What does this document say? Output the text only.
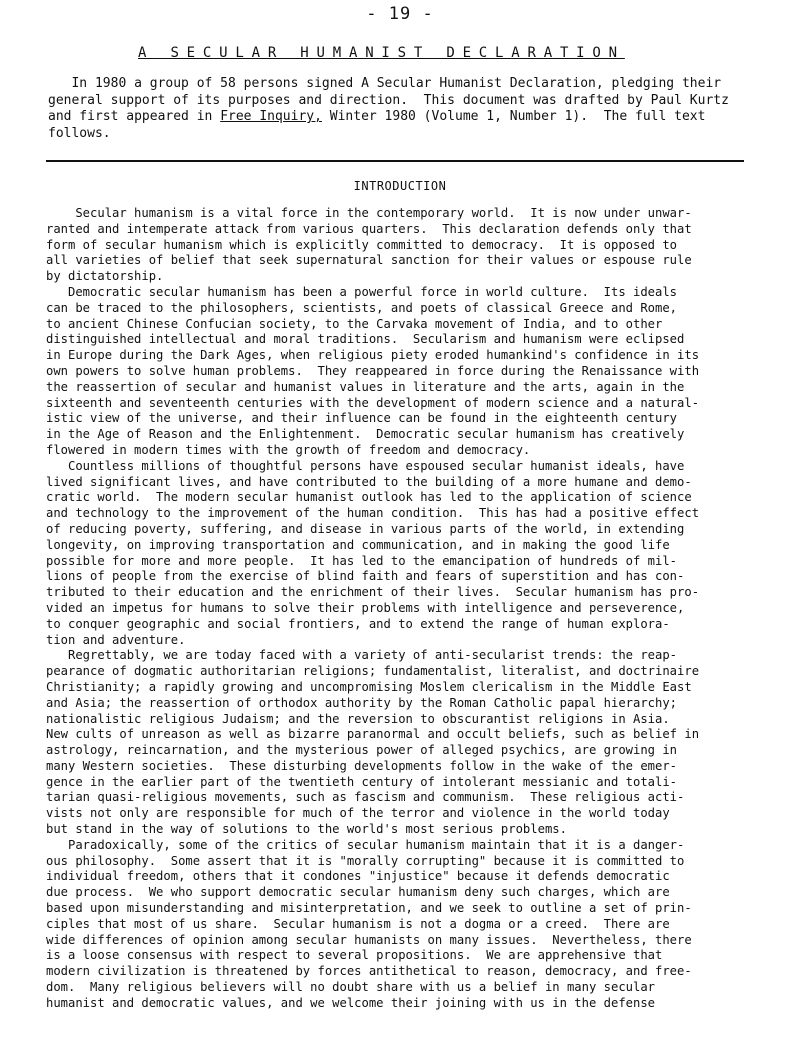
- 19 -
A SECULAR HUMANIST DECLARATION
In 1980 a group of 58 persons signed A Secular Humanist Declaration, pledging their
general support of its purposes and direction.  This document was drafted by Paul Kurtz
and first appeared in Free Inquiry, Winter 1980 (Volume 1, Number 1).  The full text
follows.
INTRODUCTION
Secular humanism is a vital force in the contemporary world.  It is now under unwar-
ranted and intemperate attack from various quarters.  This declaration defends only that
form of secular humanism which is explicitly committed to democracy.  It is opposed to
all varieties of belief that seek supernatural sanction for their values or espouse rule
by dictatorship.
Democratic secular humanism has been a powerful force in world culture.  Its ideals
can be traced to the philosophers, scientists, and poets of classical Greece and Rome,
to ancient Chinese Confucian society, to the Carvaka movement of India, and to other
distinguished intellectual and moral traditions.  Secularism and humanism were eclipsed
in Europe during the Dark Ages, when religious piety eroded humankind's confidence in its
own powers to solve human problems.  They reappeared in force during the Renaissance with
the reassertion of secular and humanist values in literature and the arts, again in the
sixteenth and seventeenth centuries with the development of modern science and a natural-
istic view of the universe, and their influence can be found in the eighteenth century
in the Age of Reason and the Enlightenment.  Democratic secular humanism has creatively
flowered in modern times with the growth of freedom and democracy.
Countless millions of thoughtful persons have espoused secular humanist ideals, have
lived significant lives, and have contributed to the building of a more humane and demo-
cratic world.  The modern secular humanist outlook has led to the application of science
and technology to the improvement of the human condition.  This has had a positive effect
of reducing poverty, suffering, and disease in various parts of the world, in extending
longevity, on improving transportation and communication, and in making the good life
possible for more and more people.  It has led to the emancipation of hundreds of mil-
lions of people from the exercise of blind faith and fears of superstition and has con-
tributed to their education and the enrichment of their lives.  Secular humanism has pro-
vided an impetus for humans to solve their problems with intelligence and perseverence,
to conquer geographic and social frontiers, and to extend the range of human explora-
tion and adventure.
Regrettably, we are today faced with a variety of anti-secularist trends: the reap-
pearance of dogmatic authoritarian religions; fundamentalist, literalist, and doctrinaire
Christianity; a rapidly growing and uncompromising Moslem clericalism in the Middle East
and Asia; the reassertion of orthodox authority by the Roman Catholic papal hierarchy;
nationalistic religious Judaism; and the reversion to obscurantist religions in Asia.
New cults of unreason as well as bizarre paranormal and occult beliefs, such as belief in
astrology, reincarnation, and the mysterious power of alleged psychics, are growing in
many Western societies.  These disturbing developments follow in the wake of the emer-
gence in the earlier part of the twentieth century of intolerant messianic and totali-
tarian quasi-religious movements, such as fascism and communism.  These religious acti-
vists not only are responsible for much of the terror and violence in the world today
but stand in the way of solutions to the world's most serious problems.
Paradoxically, some of the critics of secular humanism maintain that it is a danger-
ous philosophy.  Some assert that it is "morally corrupting" because it is committed to
individual freedom, others that it condones "injustice" because it defends democratic
due process.  We who support democratic secular humanism deny such charges, which are
based upon misunderstanding and misinterpretation, and we seek to outline a set of prin-
ciples that most of us share.  Secular humanism is not a dogma or a creed.  There are
wide differences of opinion among secular humanists on many issues.  Nevertheless, there
is a loose consensus with respect to several propositions.  We are apprehensive that
modern civilization is threatened by forces antithetical to reason, democracy, and free-
dom.  Many religious believers will no doubt share with us a belief in many secular
humanist and democratic values, and we welcome their joining with us in the defense
